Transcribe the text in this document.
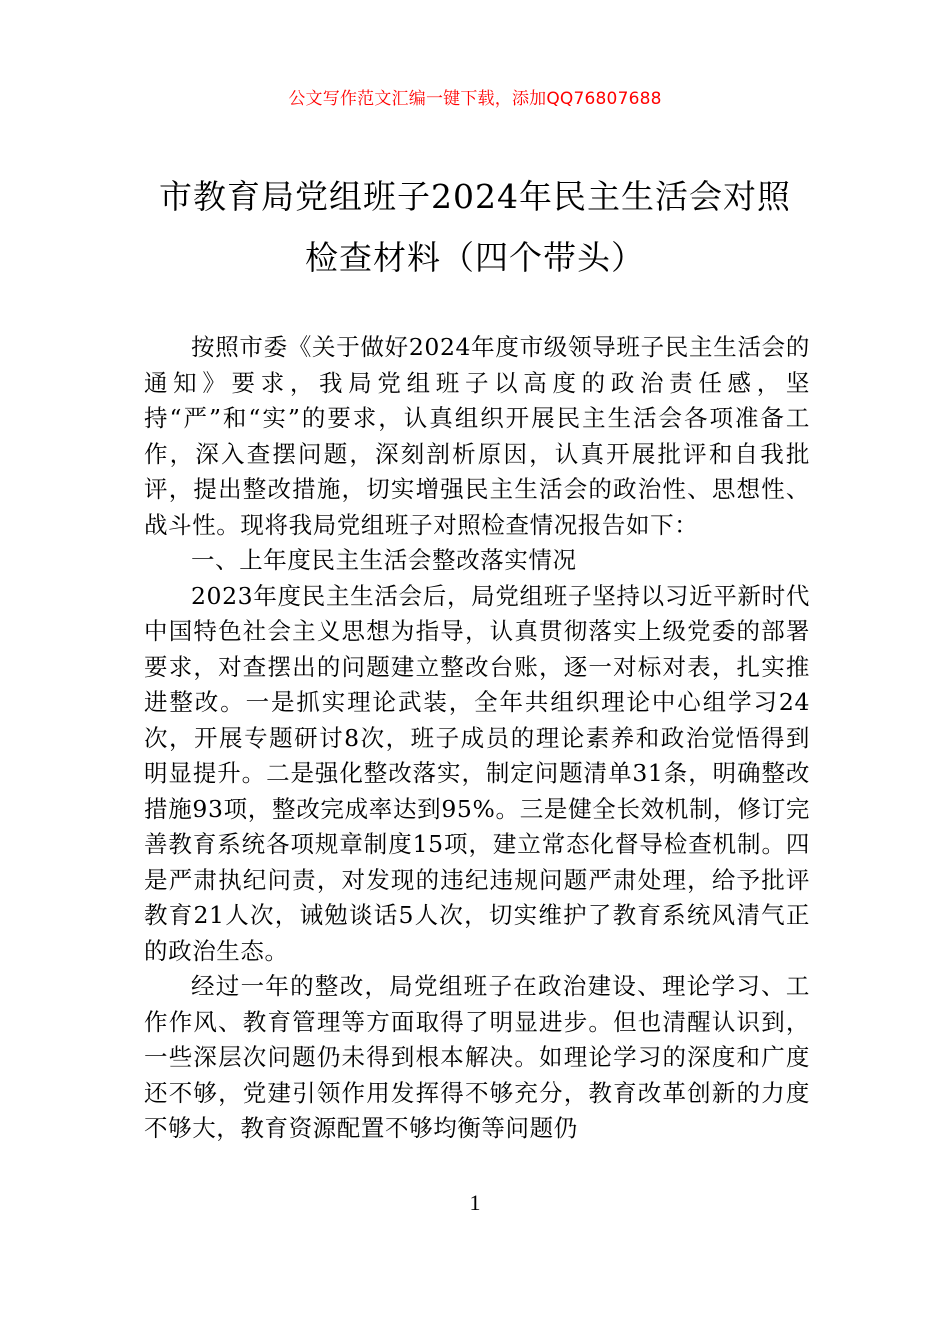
公文写作范文汇编一键下载，添加QQ76807688
市教育局党组班子2024年民主生活会对照
检查材料（四个带头）

按照市委《关于做好2024年度市级领导班子民主生活会的通知》要求，我局党组班子以高度的政治责任感，坚持“严”和“实”的要求，认真组织开展民主生活会各项准备工作，深入查摆问题，深刻剖析原因，认真开展批评和自我批评，提出整改措施，切实增强民主生活会的政治性、思想性、战斗性。现将我局党组班子对照检查情况报告如下：

一、上年度民主生活会整改落实情况

2023年度民主生活会后，局党组班子坚持以习近平新时代中国特色社会主义思想为指导，认真贯彻落实上级党委的部署要求，对查摆出的问题建立整改台账，逐一对标对表，扎实推进整改。一是抓实理论武装，全年共组织理论中心组学习24次，开展专题研讨8次，班子成员的理论素养和政治觉悟得到明显提升。二是强化整改落实，制定问题清单31条，明确整改措施93项，整改完成率达到95%。三是健全长效机制，修订完善教育系统各项规章制度15项，建立常态化督导检查机制。四是严肃执纪问责，对发现的违纪违规问题严肃处理，给予批评教育21人次，诫勉谈话5人次，切实维护了教育系统风清气正的政治生态。

经过一年的整改，局党组班子在政治建设、理论学习、工作作风、教育管理等方面取得了明显进步。但也清醒认识到，一些深层次问题仍未得到根本解决。如理论学习的深度和广度还不够，党建引领作用发挥得不够充分，教育改革创新的力度不够大，教育资源配置不够均衡等问题仍

1
